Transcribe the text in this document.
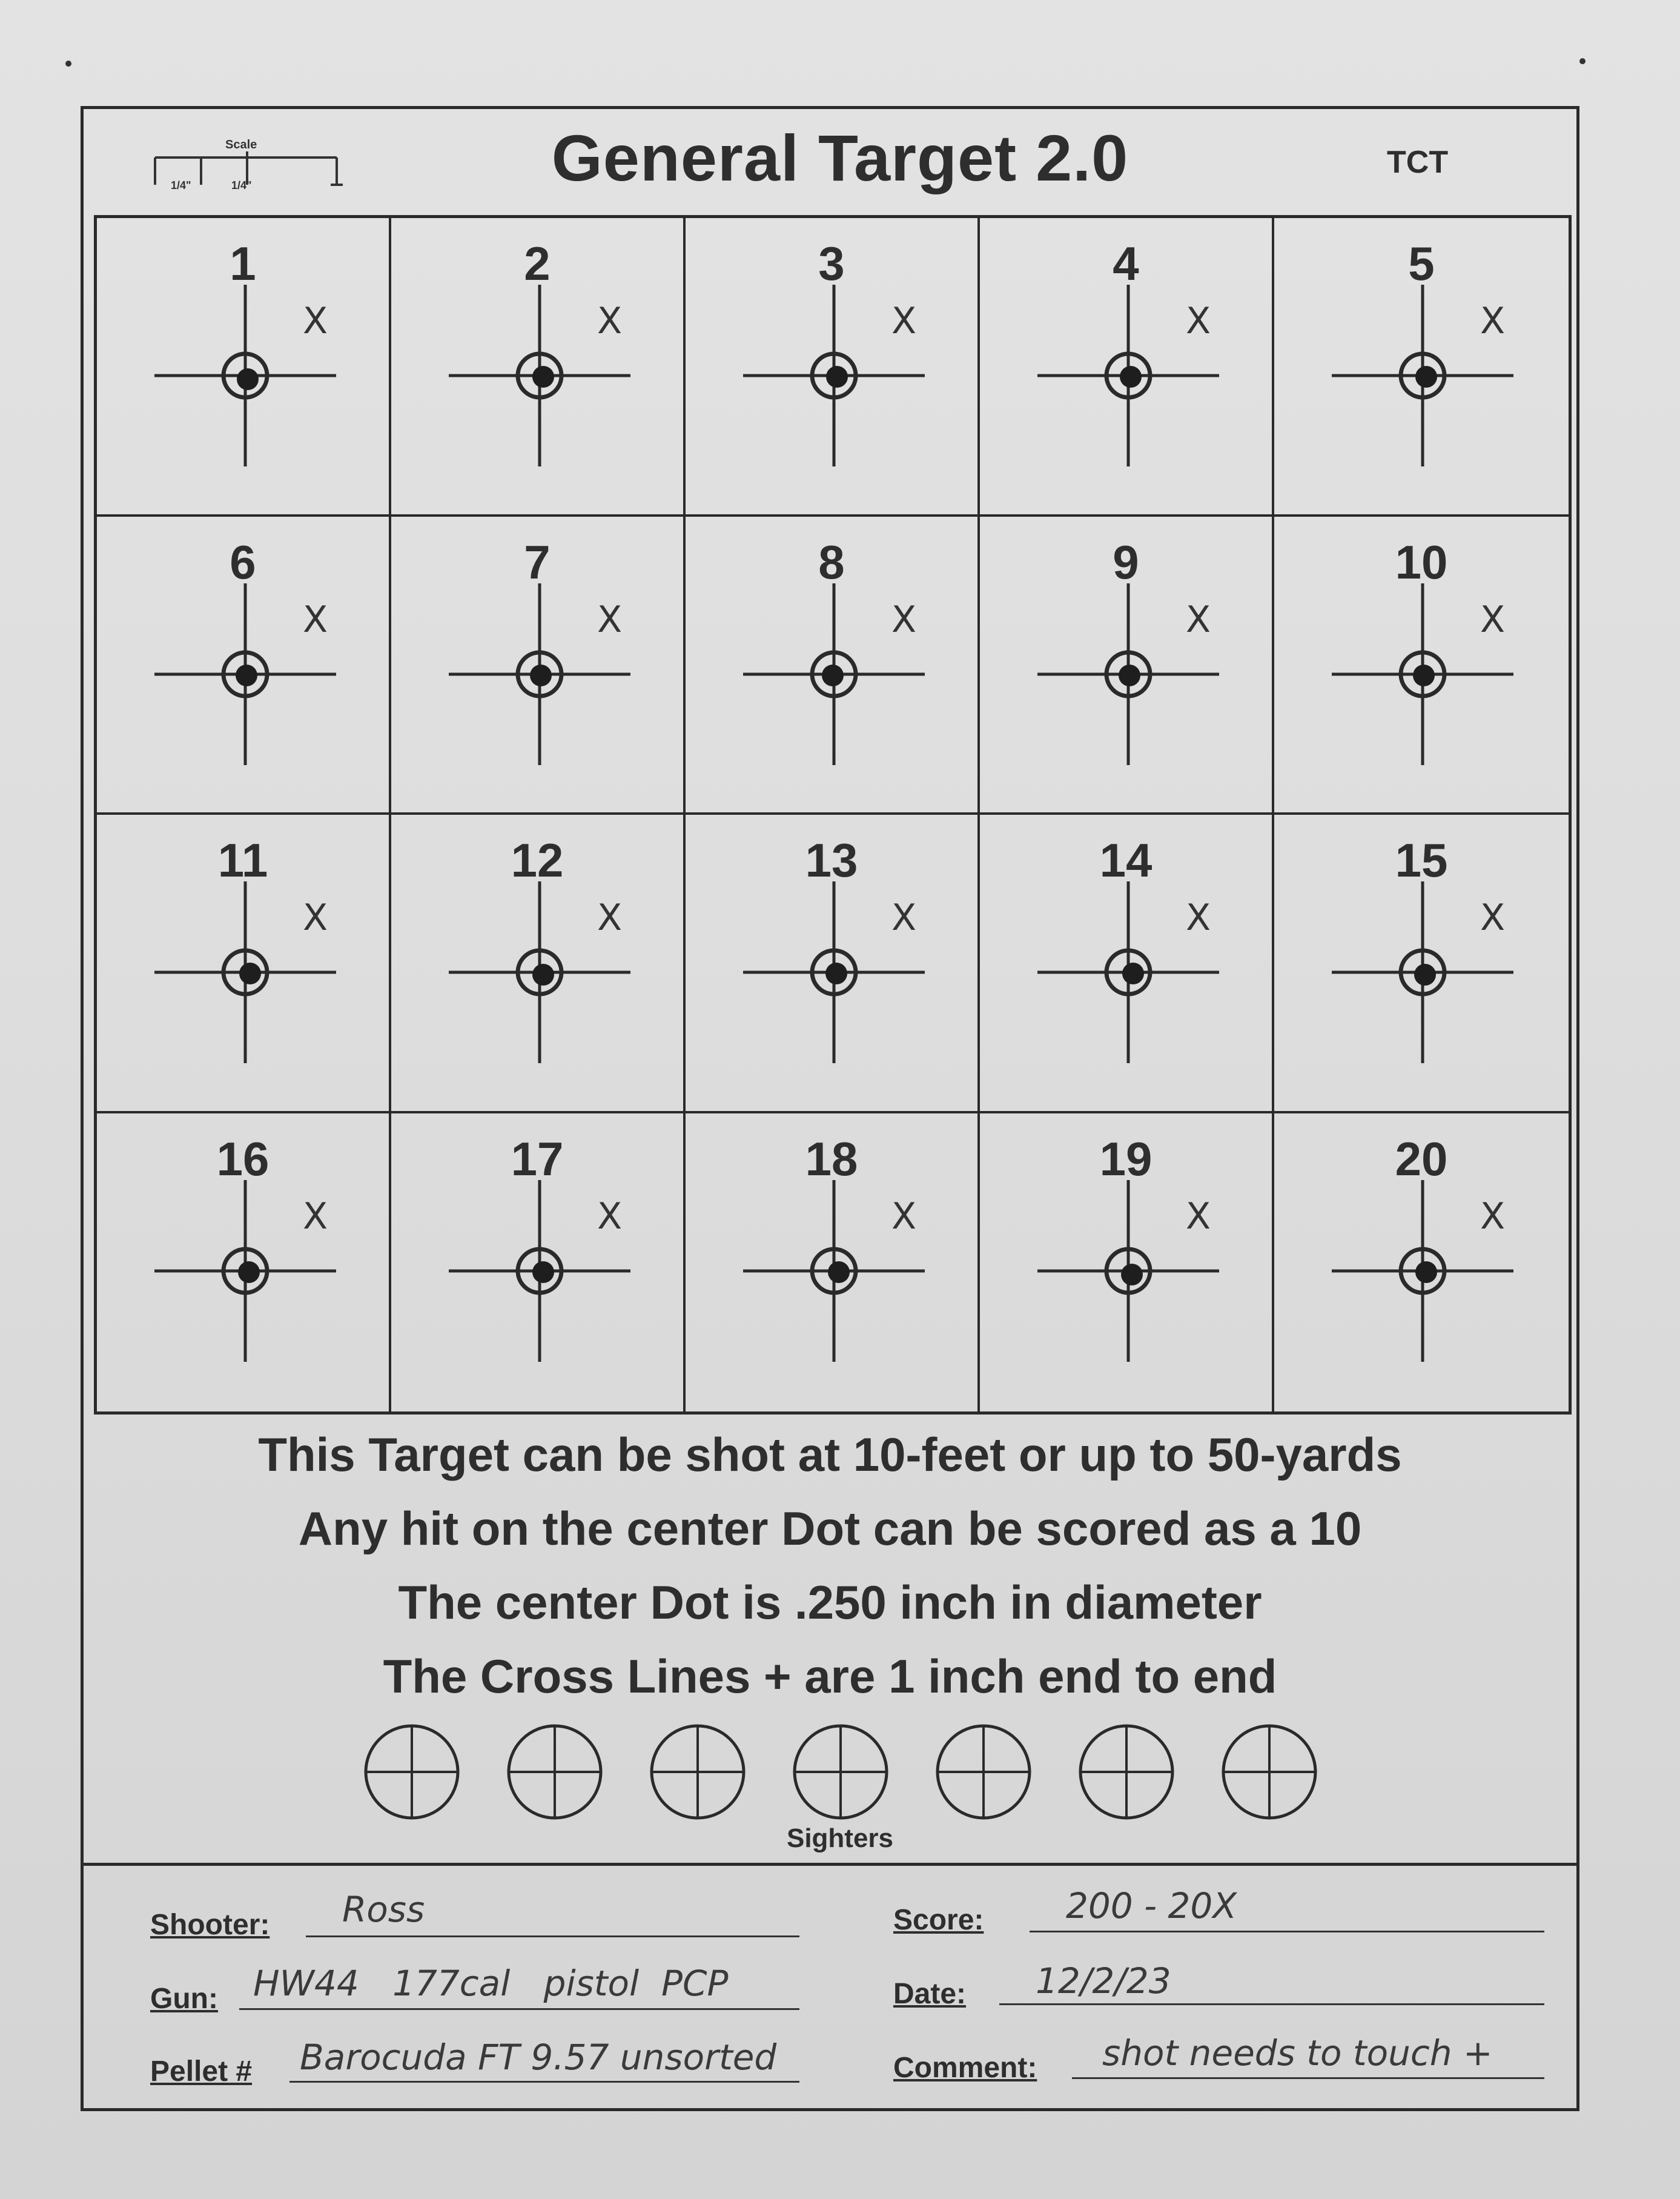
Scale
1/4"	1/4"	General Target 2.0	TCT
1
X
2
X
3
X
4
X
5
X
6
X
7
X
8
X
9
X
10
X
11
X
12
X
13
X
14
X
15
X
16
X
17
X
18
X
19
X
20
X
This Target can be shot at 10-feet or up to 50-yards
Any hit on the center Dot can be scored as a 10
The center Dot is .250 inch in diameter
The Cross Lines + are 1 inch end to end
Sighters
Shooter: Ross
Gun: HW44   177cal   pistol  PCP
Pellet # Barocuda FT 9.57 unsorted
Score: 200 - 20X
Date: 12/2/23
Comment: shot needs to touch +
